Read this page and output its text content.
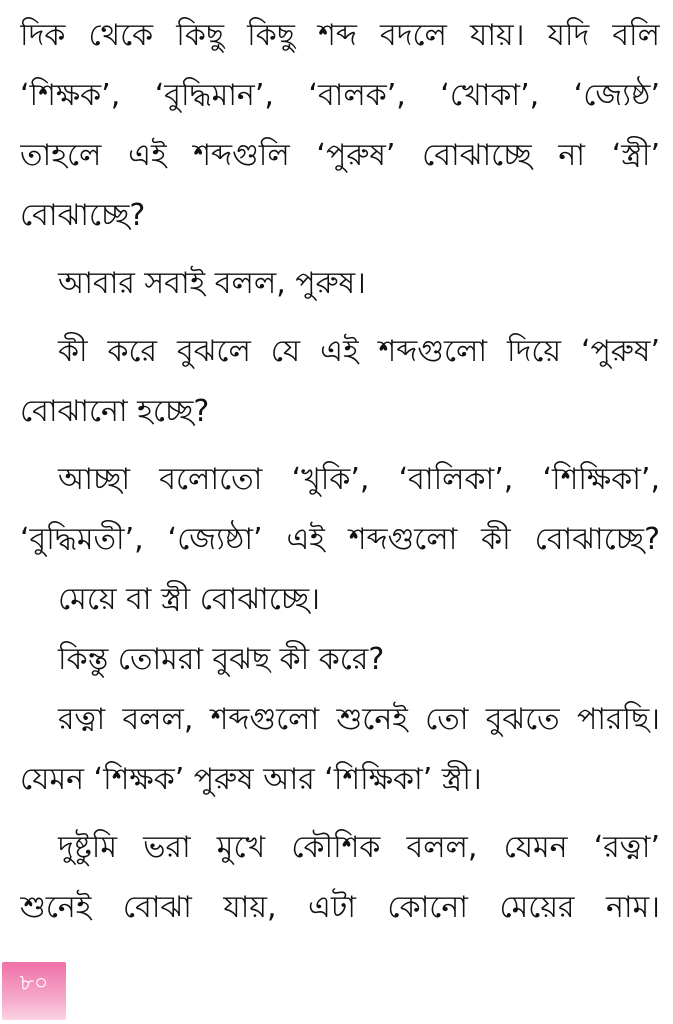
দিক থেকে কিছু কিছু শব্দ বদলে যায়। যদি বলি
‘শিক্ষক’, ‘বুদ্ধিমান’, ‘বালক’, ‘খোকা’, ‘জ্যেষ্ঠ’
তাহলে এই শব্দগুলি ‘পুরুষ’ বোঝাচ্ছে না ‘স্ত্রী’
বোঝাচ্ছে?
আবার সবাই বলল, পুরুষ।
কী করে বুঝলে যে এই শব্দগুলো দিয়ে ‘পুরুষ’
বোঝানো হচ্ছে?
আচ্ছা বলোতো ‘খুকি’, ‘বালিকা’, ‘শিক্ষিকা’,
‘বুদ্ধিমতী’, ‘জ্যেষ্ঠা’ এই শব্দগুলো কী বোঝাচ্ছে?
মেয়ে বা স্ত্রী বোঝাচ্ছে।
কিন্তু তোমরা বুঝছ কী করে?
রত্না বলল, শব্দগুলো শুনেই তো বুঝতে পারছি।
যেমন ‘শিক্ষক’ পুরুষ আর ‘শিক্ষিকা’ স্ত্রী।
দুষ্টুমি ভরা মুখে কৌশিক বলল, যেমন ‘রত্না’
শুনেই বোঝা যায়, এটা কোনো মেয়ের নাম।
৮০
